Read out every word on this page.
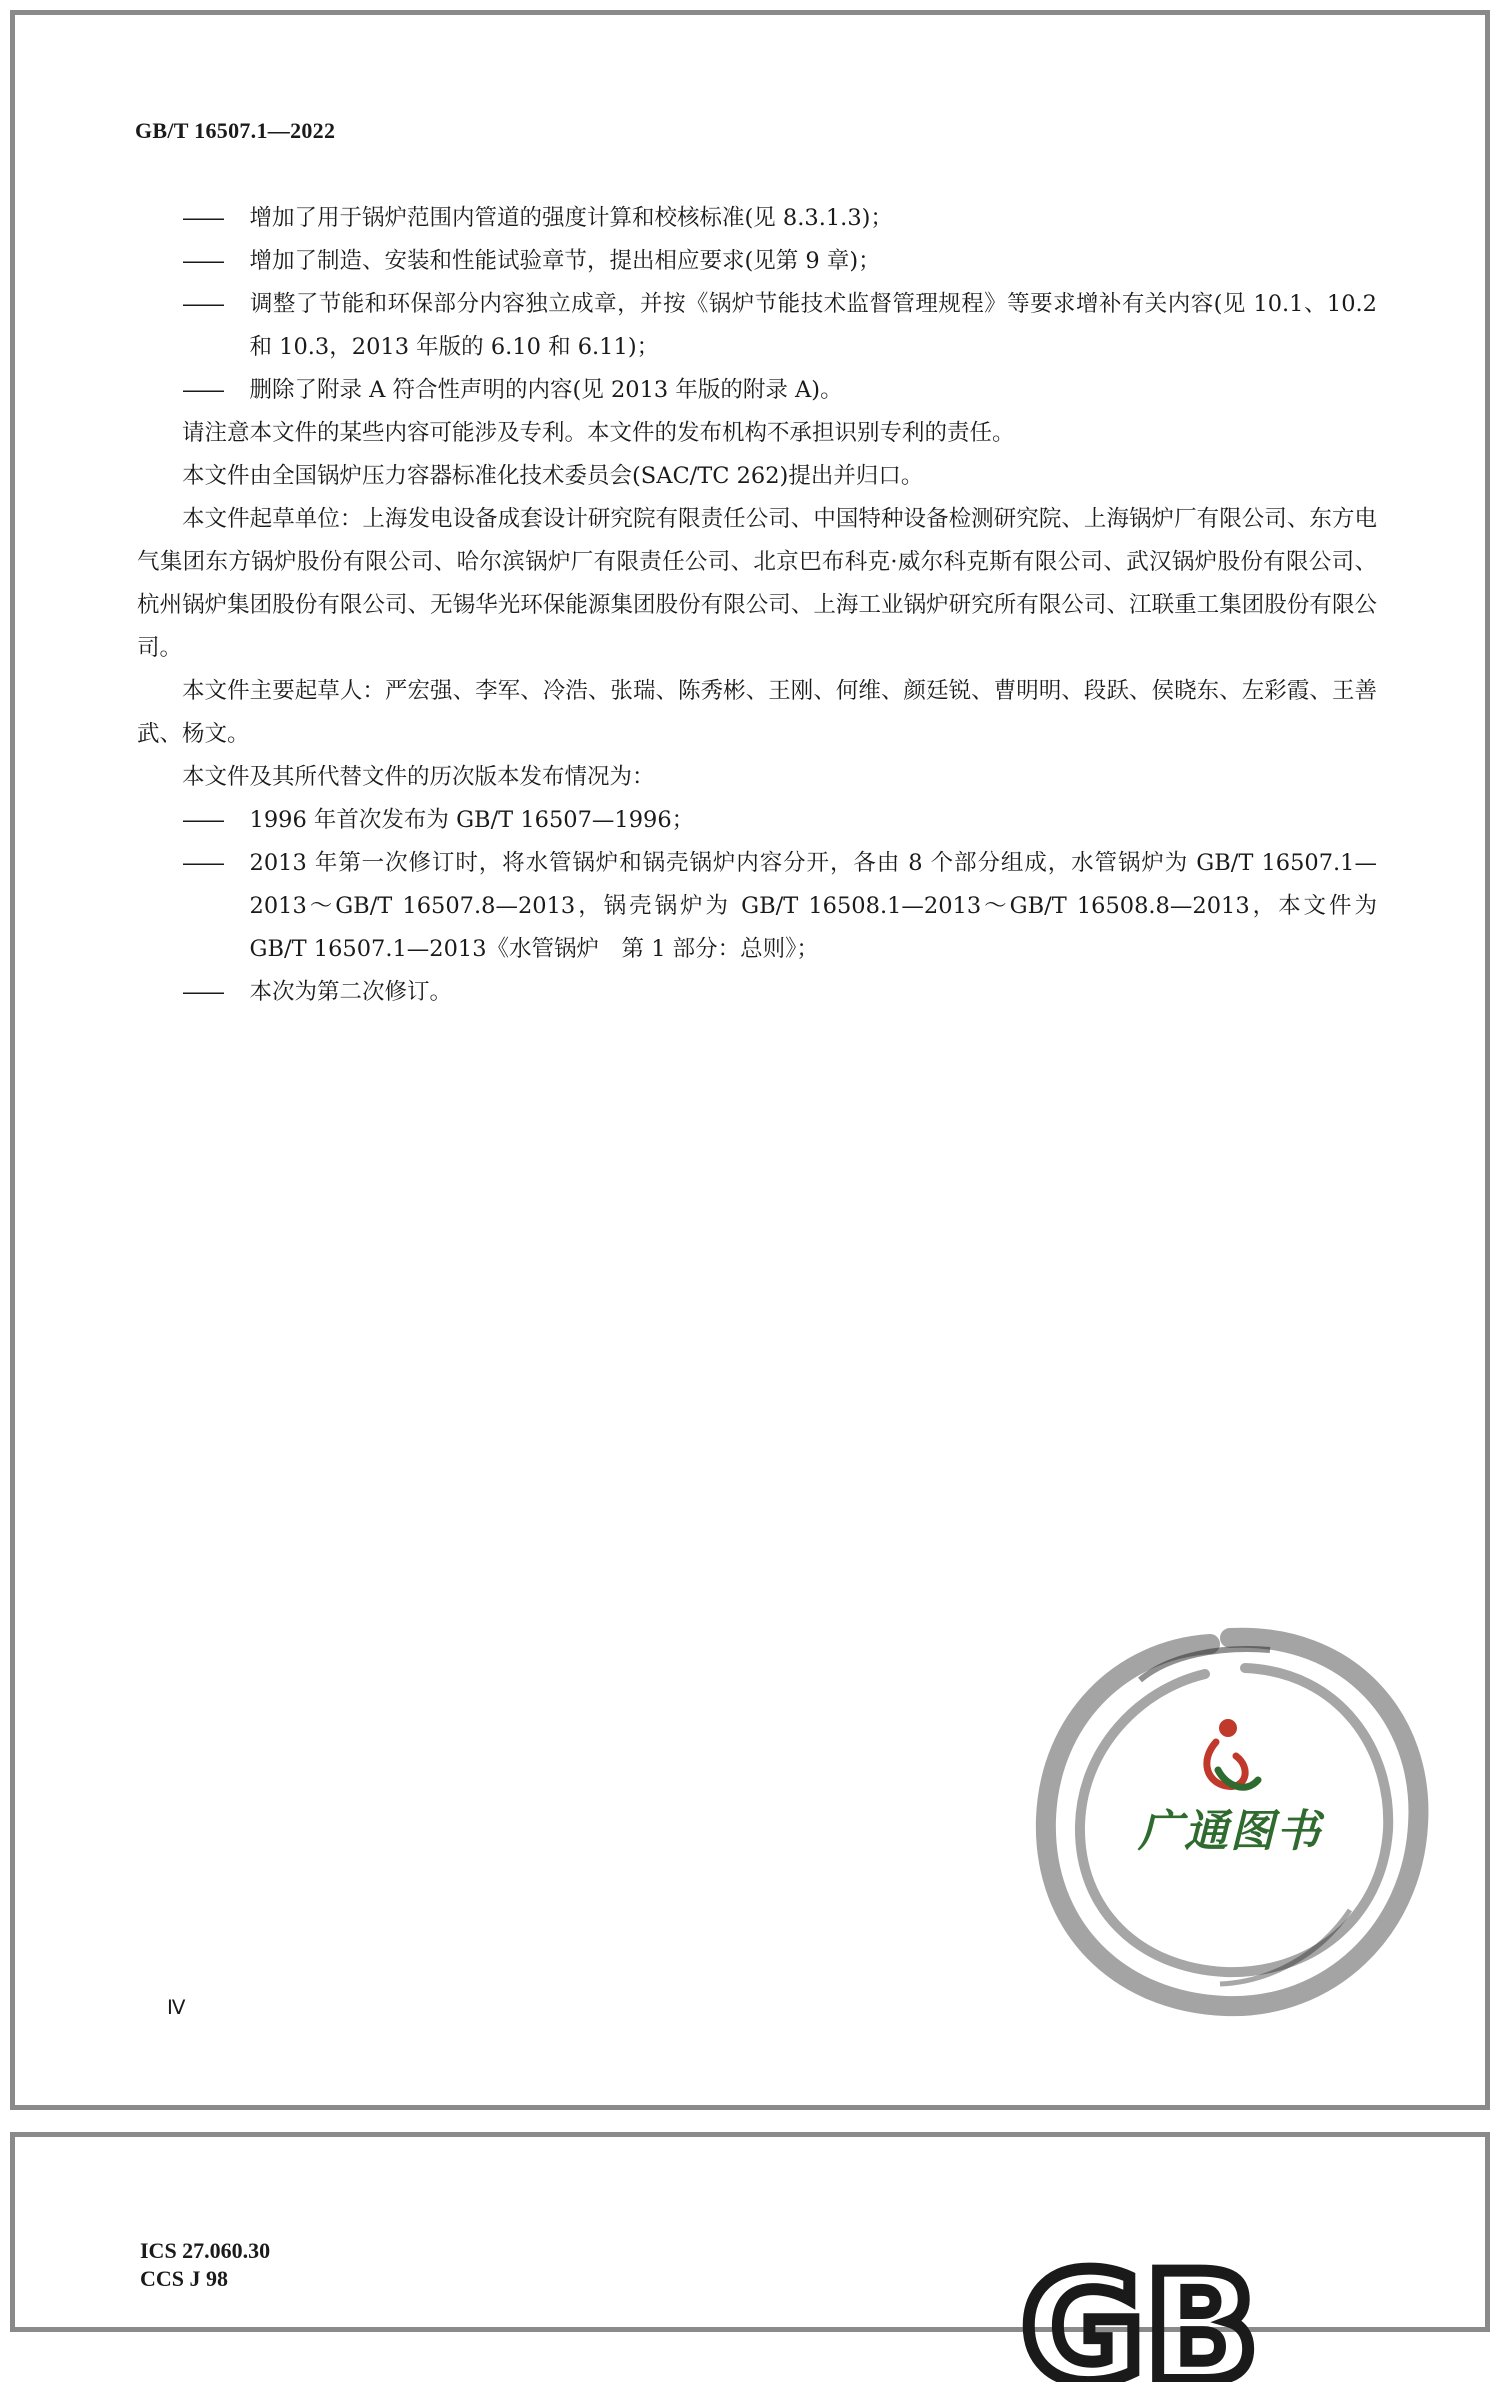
GB/T 16507.1—2022

—— 增加了用于锅炉范围内管道的强度计算和校核标准(见 8.3.1.3)；

—— 增加了制造、安装和性能试验章节，提出相应要求(见第 9 章)；

—— 调整了节能和环保部分内容独立成章，并按《锅炉节能技术监督管理规程》等要求增补有关内容(见 10.1、10.2 和 10.3，2013 年版的 6.10 和 6.11)；

—— 删除了附录 A 符合性声明的内容(见 2013 年版的附录 A)。

请注意本文件的某些内容可能涉及专利。本文件的发布机构不承担识别专利的责任。

本文件由全国锅炉压力容器标准化技术委员会(SAC/TC 262)提出并归口。

本文件起草单位：上海发电设备成套设计研究院有限责任公司、中国特种设备检测研究院、上海锅炉厂有限公司、东方电气集团东方锅炉股份有限公司、哈尔滨锅炉厂有限责任公司、北京巴布科克·威尔科克斯有限公司、武汉锅炉股份有限公司、杭州锅炉集团股份有限公司、无锡华光环保能源集团股份有限公司、上海工业锅炉研究所有限公司、江联重工集团股份有限公司。

本文件主要起草人：严宏强、李军、冷浩、张瑞、陈秀彬、王刚、何维、颜廷锐、曹明明、段跃、侯晓东、左彩霞、王善武、杨文。

本文件及其所代替文件的历次版本发布情况为：

—— 1996 年首次发布为 GB/T 16507—1996；

—— 2013 年第一次修订时，将水管锅炉和锅壳锅炉内容分开，各由 8 个部分组成，水管锅炉为 GB/T 16507.1—2013～GB/T 16507.8—2013，锅壳锅炉为 GB/T 16508.1—2013～GB/T 16508.8—2013，本文件为 GB/T 16507.1—2013《水管锅炉　第 1 部分：总则》；

—— 本次为第二次修订。

广通图书
Ⅳ
ICS 27.060.30
CCS J 98	GB
